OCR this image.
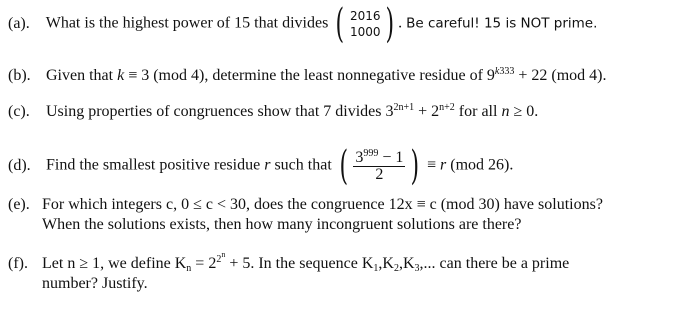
(a). What is the highest power of 15 that divides ( 2016
1000 ) . Be careful! 15 is NOT prime.
(b). Given that k ≡ 3 (mod 4), determine the least nonnegative residue of $9^{k333} + 22$ (mod 4).
(c). Using properties of congruences show that 7 divides $3^{2n+1} + 2^{n+2}$ for all n ≥ 0.
(d). Find the smallest positive residue r such that ( $\frac{3^{999} - 1}{2}$ ) ≡ r (mod 26).
(e). For which integers c, 0 ≤ c < 30, does the congruence 12x ≡ c (mod 30) have solutions?
When the solutions exists, then how many incongruent solutions are there?
(f). Let n ≥ 1, we define $K_n = 2^{2^n} + 5$. In the sequence $K_1,K_2,K_3$,... can there be a prime
number? Justify.
